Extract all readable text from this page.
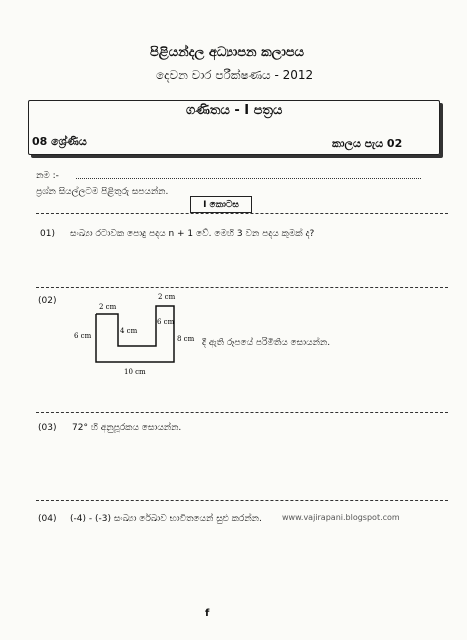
පිළියන්දල අධ්‍යාපන කලාපය
දෙවන වාර පරීක්ෂණය - 2012
ගණිතය - I පත්‍රය
08 ශ්‍රේණිය	කාලය පැය 02
නම :-
ප්‍රශ්න සියල්ලටම පිළිතුරු සපයන්න.
I කොටස
01) සංඛ්‍යා රටාවක පොදු පදය n + 1 වේ. මෙහි 3 වන පදය කුමක් ද?
(02)
2 cm
2 cm
6 cm
4 cm
6 cm
8 cm
10 cm
දී ඇති රූපයේ පරිමිතිය සොයන්න.
(03) 72° හි අනුපූරකය සොයන්න.
(04) (-4) - (-3) සංඛ්‍යා රේඛාව භාවිතයෙන් සුළු කරන්න.	www.vajirapani.blogspot.com
f
